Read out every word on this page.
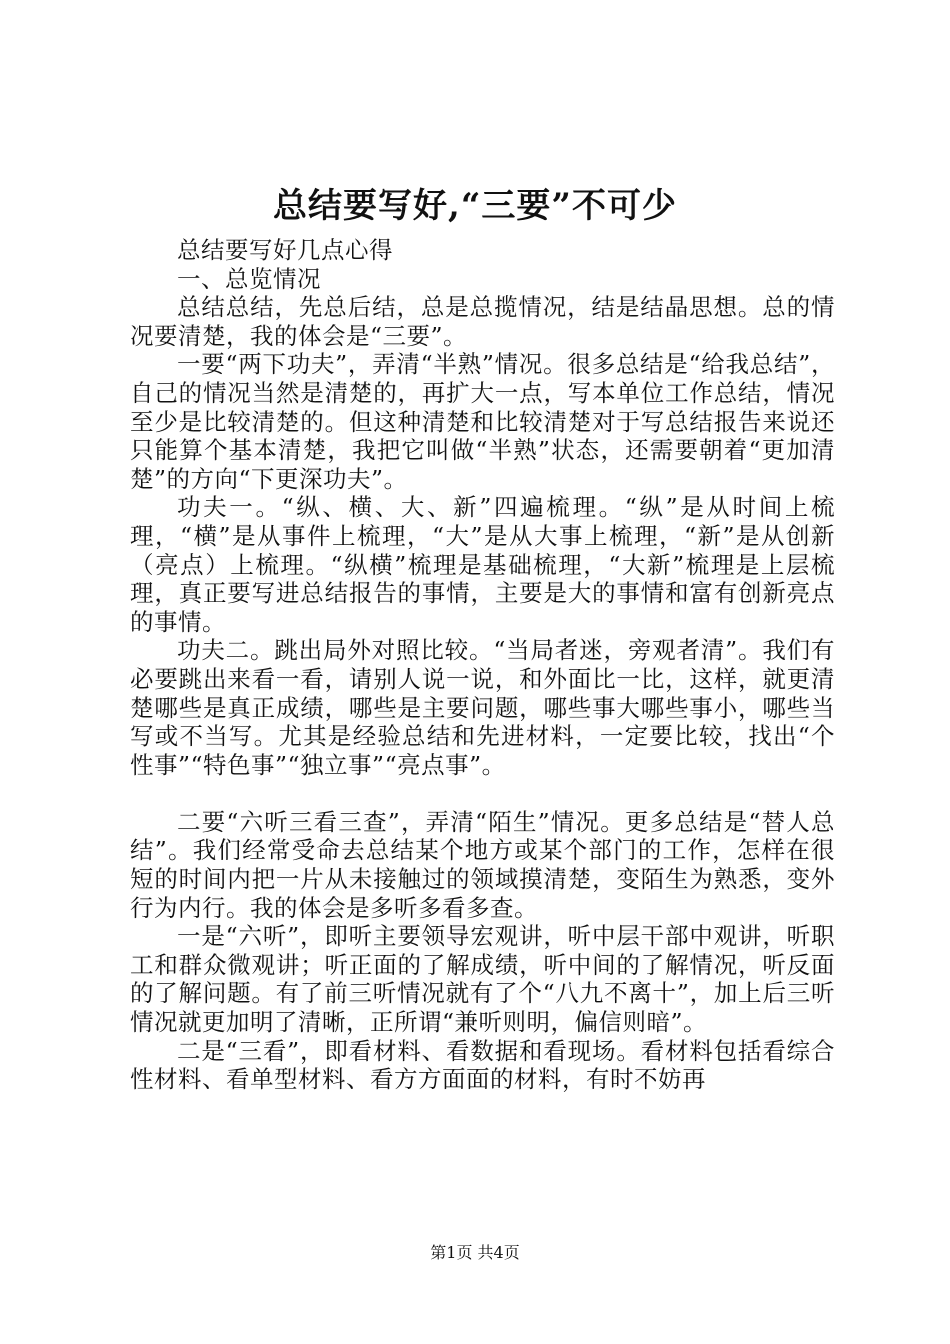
总结要写好,“三要”不可少

总结要写好几点心得

一、总览情况

总结总结，先总后结，总是总揽情况，结是结晶思想。总的情况要清楚，我的体会是“三要”。

一要“两下功夫”，弄清“半熟”情况。很多总结是“给我总结”，自己的情况当然是清楚的，再扩大一点，写本单位工作总结，情况至少是比较清楚的。但这种清楚和比较清楚对于写总结报告来说还只能算个基本清楚，我把它叫做“半熟”状态，还需要朝着“更加清楚”的方向“下更深功夫”。

功夫一。“纵、横、大、新”四遍梳理。“纵”是从时间上梳理，“横”是从事件上梳理，“大”是从大事上梳理，“新”是从创新（亮点）上梳理。“纵横”梳理是基础梳理，“大新”梳理是上层梳理，真正要写进总结报告的事情，主要是大的事情和富有创新亮点的事情。

功夫二。跳出局外对照比较。“当局者迷，旁观者清”。我们有必要跳出来看一看，请别人说一说，和外面比一比，这样，就更清楚哪些是真正成绩，哪些是主要问题，哪些事大哪些事小，哪些当写或不当写。尤其是经验总结和先进材料，一定要比较，找出“个性事”“特色事”“独立事”“亮点事”。

二要“六听三看三查”，弄清“陌生”情况。更多总结是“替人总结”。我们经常受命去总结某个地方或某个部门的工作，怎样在很短的时间内把一片从未接触过的领域摸清楚，变陌生为熟悉，变外行为内行。我的体会是多听多看多查。

一是“六听”，即听主要领导宏观讲，听中层干部中观讲，听职工和群众微观讲；听正面的了解成绩，听中间的了解情况，听反面的了解问题。有了前三听情况就有了个“八九不离十”，加上后三听情况就更加明了清晰，正所谓“兼听则明，偏信则暗”。

二是“三看”，即看材料、看数据和看现场。看材料包括看综合性材料、看单型材料、看方方面面的材料，有时不妨再

第1页 共4页
